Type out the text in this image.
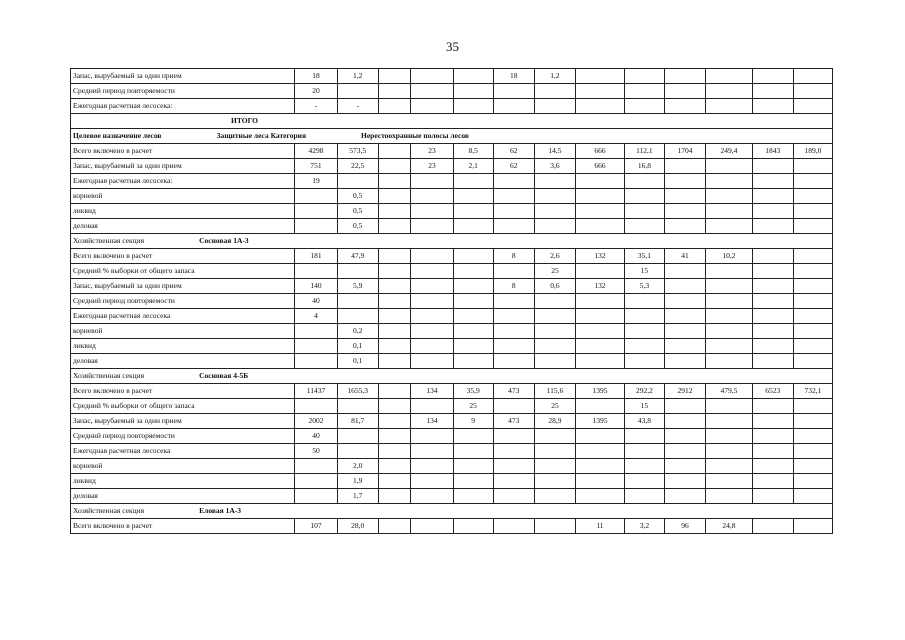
35
Запас, вырубаемый за один прием	18	1,2				18	1,2						
Средний период повторяемости	20												
Ежегодная расчетная лесосека:	-	-											
ИТОГО													
Целевое назначение лесов Защитные леса Категория Нерестоохранные полосы лесов													
Всего включено в расчет	4298	573,5		23	8,5	62	14,5	666	112,1	1704	249,4	1843	189,0
Запас, вырубаемый за один прием	751	22,5		23	2,1	62	3,6	666	16,8				
Ежегодная расчетная лесосека:	19												
корневой		0,5											
ликвид		0,5											
деловая		0,5											
Хозяйственная секция Сосновая 1А-3													
Всего включено в расчет	181	47,9				8	2,6	132	35,1	41	10,2		
Средний % выборки от общего запаса							25		15				
Запас, вырубаемый за один прием	140	5,9				8	0,6	132	5,3				
Средний период повторяемости	40												
Ежегодная расчетная лесосека	4												
корневой		0,2											
ликвид		0,1											
деловая		0,1											
Хозяйственная секция Сосновая 4-5Б													
Всего включено в расчет	11437	1655,3		134	35,9	473	115,6	1395	292,2	2912	479,5	6523	732,1
Средний % выборки от общего запаса					25		25		15				
Запас, вырубаемый за один прием	2002	81,7		134	9	473	28,9	1395	43,8				
Средний период повторяемости	40												
Ежегодная расчетная лесосека	50												
корневой		2,0											
ликвид		1,9											
деловая		1,7											
Хозяйственная секция Еловая 1А-3													
Всего включено в расчет	107	28,0						11	3,2	96	24,8		
